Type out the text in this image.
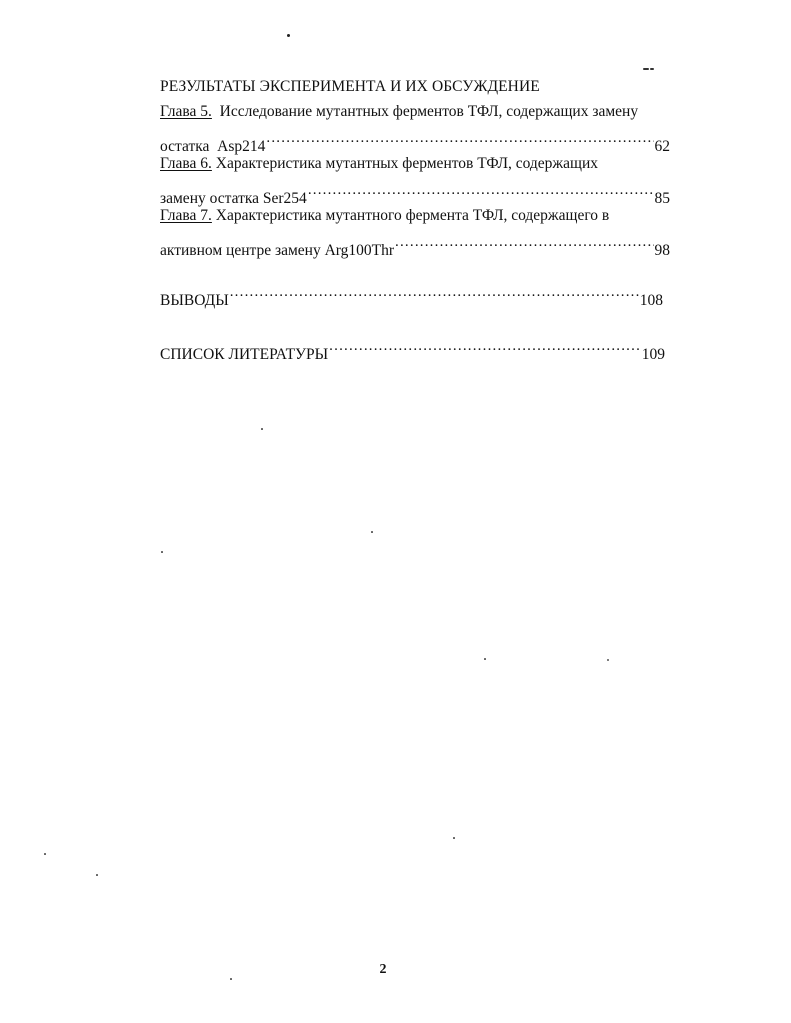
РЕЗУЛЬТАТЫ ЭКСПЕРИМЕНТА И ИХ ОБСУЖДЕНИЕ
Глава 5.  Исследование мутантных ферментов ТФЛ, содержащих замену
остатка  Asp214 .....	62
Глава 6. Характеристика мутантных ферментов ТФЛ, содержащих
замену остатка Ser254 .....	85
Глава 7. Характеристика мутантного фермента ТФЛ, содержащего в
активном центре замену Arg100Thr .....	98
ВЫВОДЫ .....	108
СПИСОК ЛИТЕРАТУРЫ .....	109
2
